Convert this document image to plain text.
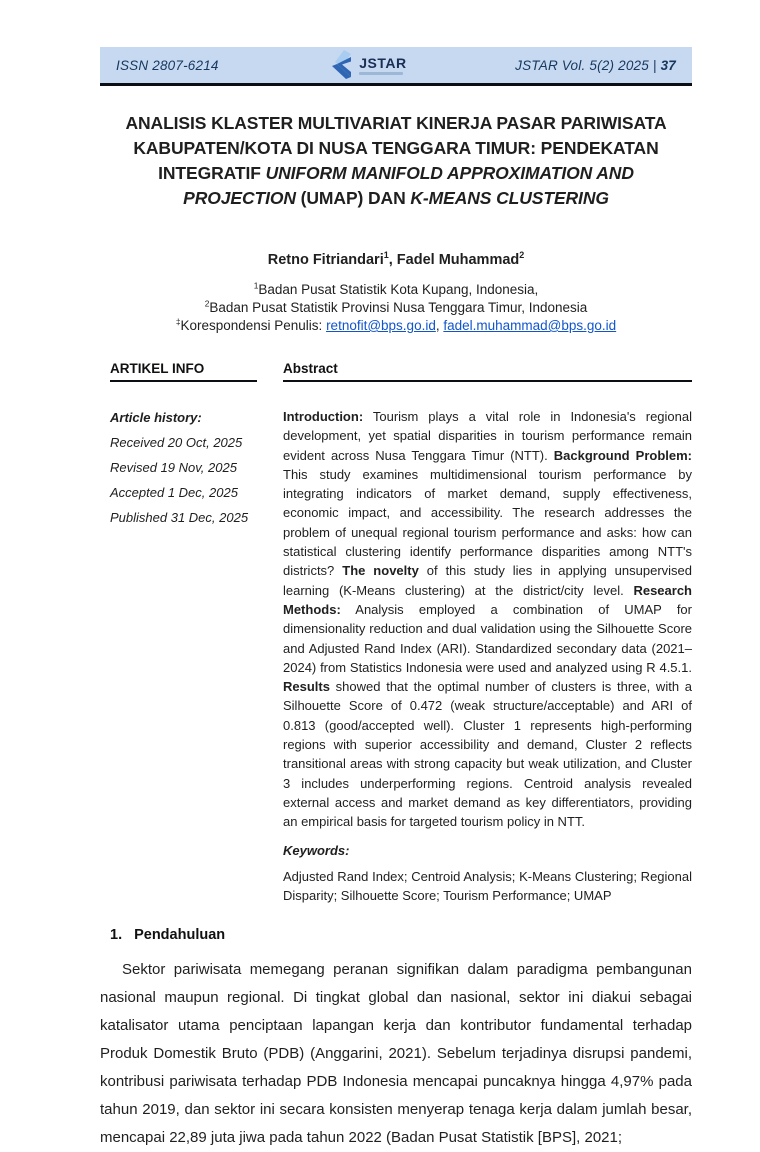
ISSN 2807-6214	JSTAR	JSTAR Vol. 5(2) 2025 | 37
ANALISIS KLASTER MULTIVARIAT KINERJA PASAR PARIWISATA
KABUPATEN/KOTA DI NUSA TENGGARA TIMUR: PENDEKATAN
INTEGRATIF UNIFORM MANIFOLD APPROXIMATION AND
PROJECTION (UMAP) DAN K-MEANS CLUSTERING
Retno Fitriandari$^1$, Fadel Muhammad$^2$
$^1$Badan Pusat Statistik Kota Kupang, Indonesia,
$^2$Badan Pusat Statistik Provinsi Nusa Tenggara Timur, Indonesia
‡Korespondensi Penulis: retnofit@bps.go.id, fadel.muhammad@bps.go.id
ARTIKEL INFO
Article history:
Received 20 Oct, 2025
Revised 19 Nov, 2025
Accepted 1 Dec, 2025
Published 31 Dec, 2025
Abstract
Introduction: Tourism plays a vital role in Indonesia's regional development, yet spatial disparities in tourism performance remain evident across Nusa Tenggara Timur (NTT). Background Problem: This study examines multidimensional tourism performance by integrating indicators of market demand, supply effectiveness, economic impact, and accessibility. The research addresses the problem of unequal regional tourism performance and asks: how can statistical clustering identify performance disparities among NTT's districts? The novelty of this study lies in applying unsupervised learning (K-Means clustering) at the district/city level. Research Methods: Analysis employed a combination of UMAP for dimensionality reduction and dual validation using the Silhouette Score and Adjusted Rand Index (ARI). Standardized secondary data (2021–2024) from Statistics Indonesia were used and analyzed using R 4.5.1. Results showed that the optimal number of clusters is three, with a Silhouette Score of 0.472 (weak structure/acceptable) and ARI of 0.813 (good/accepted well). Cluster 1 represents high-performing regions with superior accessibility and demand, Cluster 2 reflects transitional areas with strong capacity but weak utilization, and Cluster 3 includes underperforming regions. Centroid analysis revealed external access and market demand as key differentiators, providing an empirical basis for targeted tourism policy in NTT.
Keywords:
Adjusted Rand Index; Centroid Analysis; K-Means Clustering; Regional Disparity; Silhouette Score; Tourism Performance; UMAP
1. Pendahuluan
Sektor pariwisata memegang peranan signifikan dalam paradigma pembangunan nasional maupun regional. Di tingkat global dan nasional, sektor ini diakui sebagai katalisator utama penciptaan lapangan kerja dan kontributor fundamental terhadap Produk Domestik Bruto (PDB) (Anggarini, 2021). Sebelum terjadinya disrupsi pandemi, kontribusi pariwisata terhadap PDB Indonesia mencapai puncaknya hingga 4,97% pada tahun 2019, dan sektor ini secara konsisten menyerap tenaga kerja dalam jumlah besar, mencapai 22,89 juta jiwa pada tahun 2022 (Badan Pusat Statistik [BPS], 2021;
